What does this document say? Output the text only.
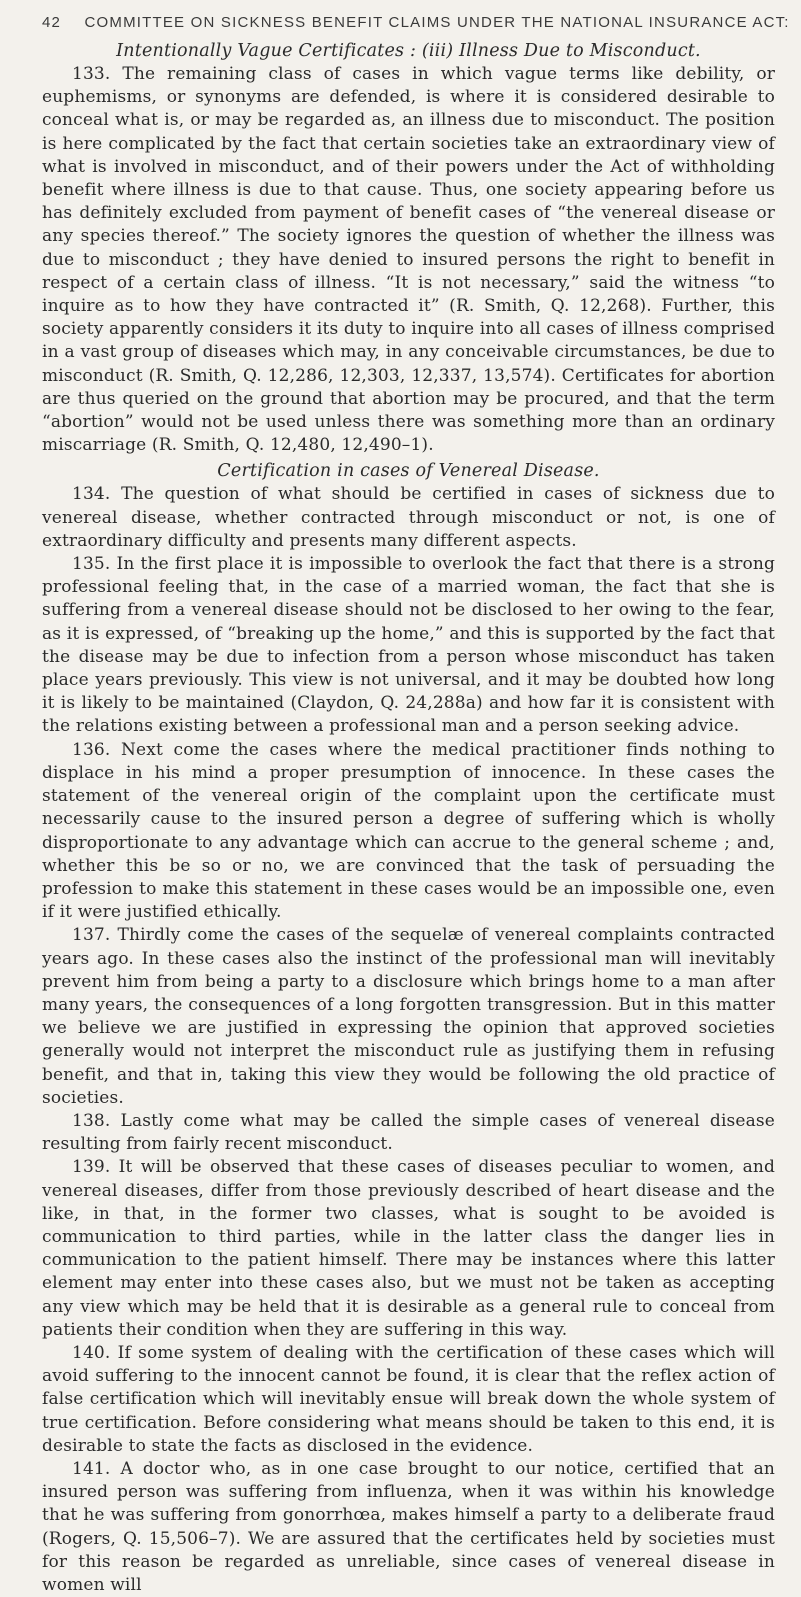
42 COMMITTEE ON SICKNESS BENEFIT CLAIMS UNDER THE NATIONAL INSURANCE ACT:
Intentionally Vague Certificates : (iii) Illness Due to Misconduct.

133. The remaining class of cases in which vague terms like debility, or euphemisms, or synonyms are defended, is where it is considered desirable to conceal what is, or may be regarded as, an illness due to misconduct. The position is here complicated by the fact that certain societies take an extraordinary view of what is involved in misconduct, and of their powers under the Act of withholding benefit where illness is due to that cause. Thus, one society appearing before us has definitely excluded from payment of benefit cases of “the venereal disease or any species thereof.” The society ignores the question of whether the illness was due to misconduct ; they have denied to insured persons the right to benefit in respect of a certain class of illness. “It is not necessary,” said the witness “to inquire as to how they have contracted it” (R. Smith, Q. 12,268). Further, this society apparently considers it its duty to inquire into all cases of illness comprised in a vast group of diseases which may, in any conceivable circumstances, be due to misconduct (R. Smith, Q. 12,286, 12,303, 12,337, 13,574). Certificates for abortion are thus queried on the ground that abortion may be procured, and that the term “abortion” would not be used unless there was something more than an ordinary miscarriage (R. Smith, Q. 12,480, 12,490–1).

Certification in cases of Venereal Disease.

134. The question of what should be certified in cases of sickness due to venereal disease, whether contracted through misconduct or not, is one of extraordinary difficulty and presents many different aspects.

135. In the first place it is impossible to overlook the fact that there is a strong professional feeling that, in the case of a married woman, the fact that she is suffering from a venereal disease should not be disclosed to her owing to the fear, as it is expressed, of “breaking up the home,” and this is supported by the fact that the disease may be due to infection from a person whose misconduct has taken place years previously. This view is not universal, and it may be doubted how long it is likely to be maintained (Claydon, Q. 24,288a) and how far it is consistent with the relations existing between a professional man and a person seeking advice.

136. Next come the cases where the medical practitioner finds nothing to displace in his mind a proper presumption of innocence. In these cases the statement of the venereal origin of the complaint upon the certificate must necessarily cause to the insured person a degree of suffering which is wholly disproportionate to any advantage which can accrue to the general scheme ; and, whether this be so or no, we are convinced that the task of persuading the profession to make this statement in these cases would be an impossible one, even if it were justified ethically.

137. Thirdly come the cases of the sequelæ of venereal complaints contracted years ago. In these cases also the instinct of the professional man will inevitably prevent him from being a party to a disclosure which brings home to a man after many years, the consequences of a long forgotten transgression. But in this matter we believe we are justified in expressing the opinion that approved societies generally would not interpret the misconduct rule as justifying them in refusing benefit, and that in, taking this view they would be following the old practice of societies.

138. Lastly come what may be called the simple cases of venereal disease resulting from fairly recent misconduct.

139. It will be observed that these cases of diseases peculiar to women, and venereal diseases, differ from those previously described of heart disease and the like, in that, in the former two classes, what is sought to be avoided is communication to third parties, while in the latter class the danger lies in communication to the patient himself. There may be instances where this latter element may enter into these cases also, but we must not be taken as accepting any view which may be held that it is desirable as a general rule to conceal from patients their condition when they are suffering in this way.

140. If some system of dealing with the certification of these cases which will avoid suffering to the innocent cannot be found, it is clear that the reflex action of false certification which will inevitably ensue will break down the whole system of true certification. Before considering what means should be taken to this end, it is desirable to state the facts as disclosed in the evidence.

141. A doctor who, as in one case brought to our notice, certified that an insured person was suffering from influenza, when it was within his knowledge that he was suffering from gonorrhœa, makes himself a party to a deliberate fraud (Rogers, Q. 15,506–7). We are assured that the certificates held by societies must for this reason be regarded as unreliable, since cases of venereal disease in women will
